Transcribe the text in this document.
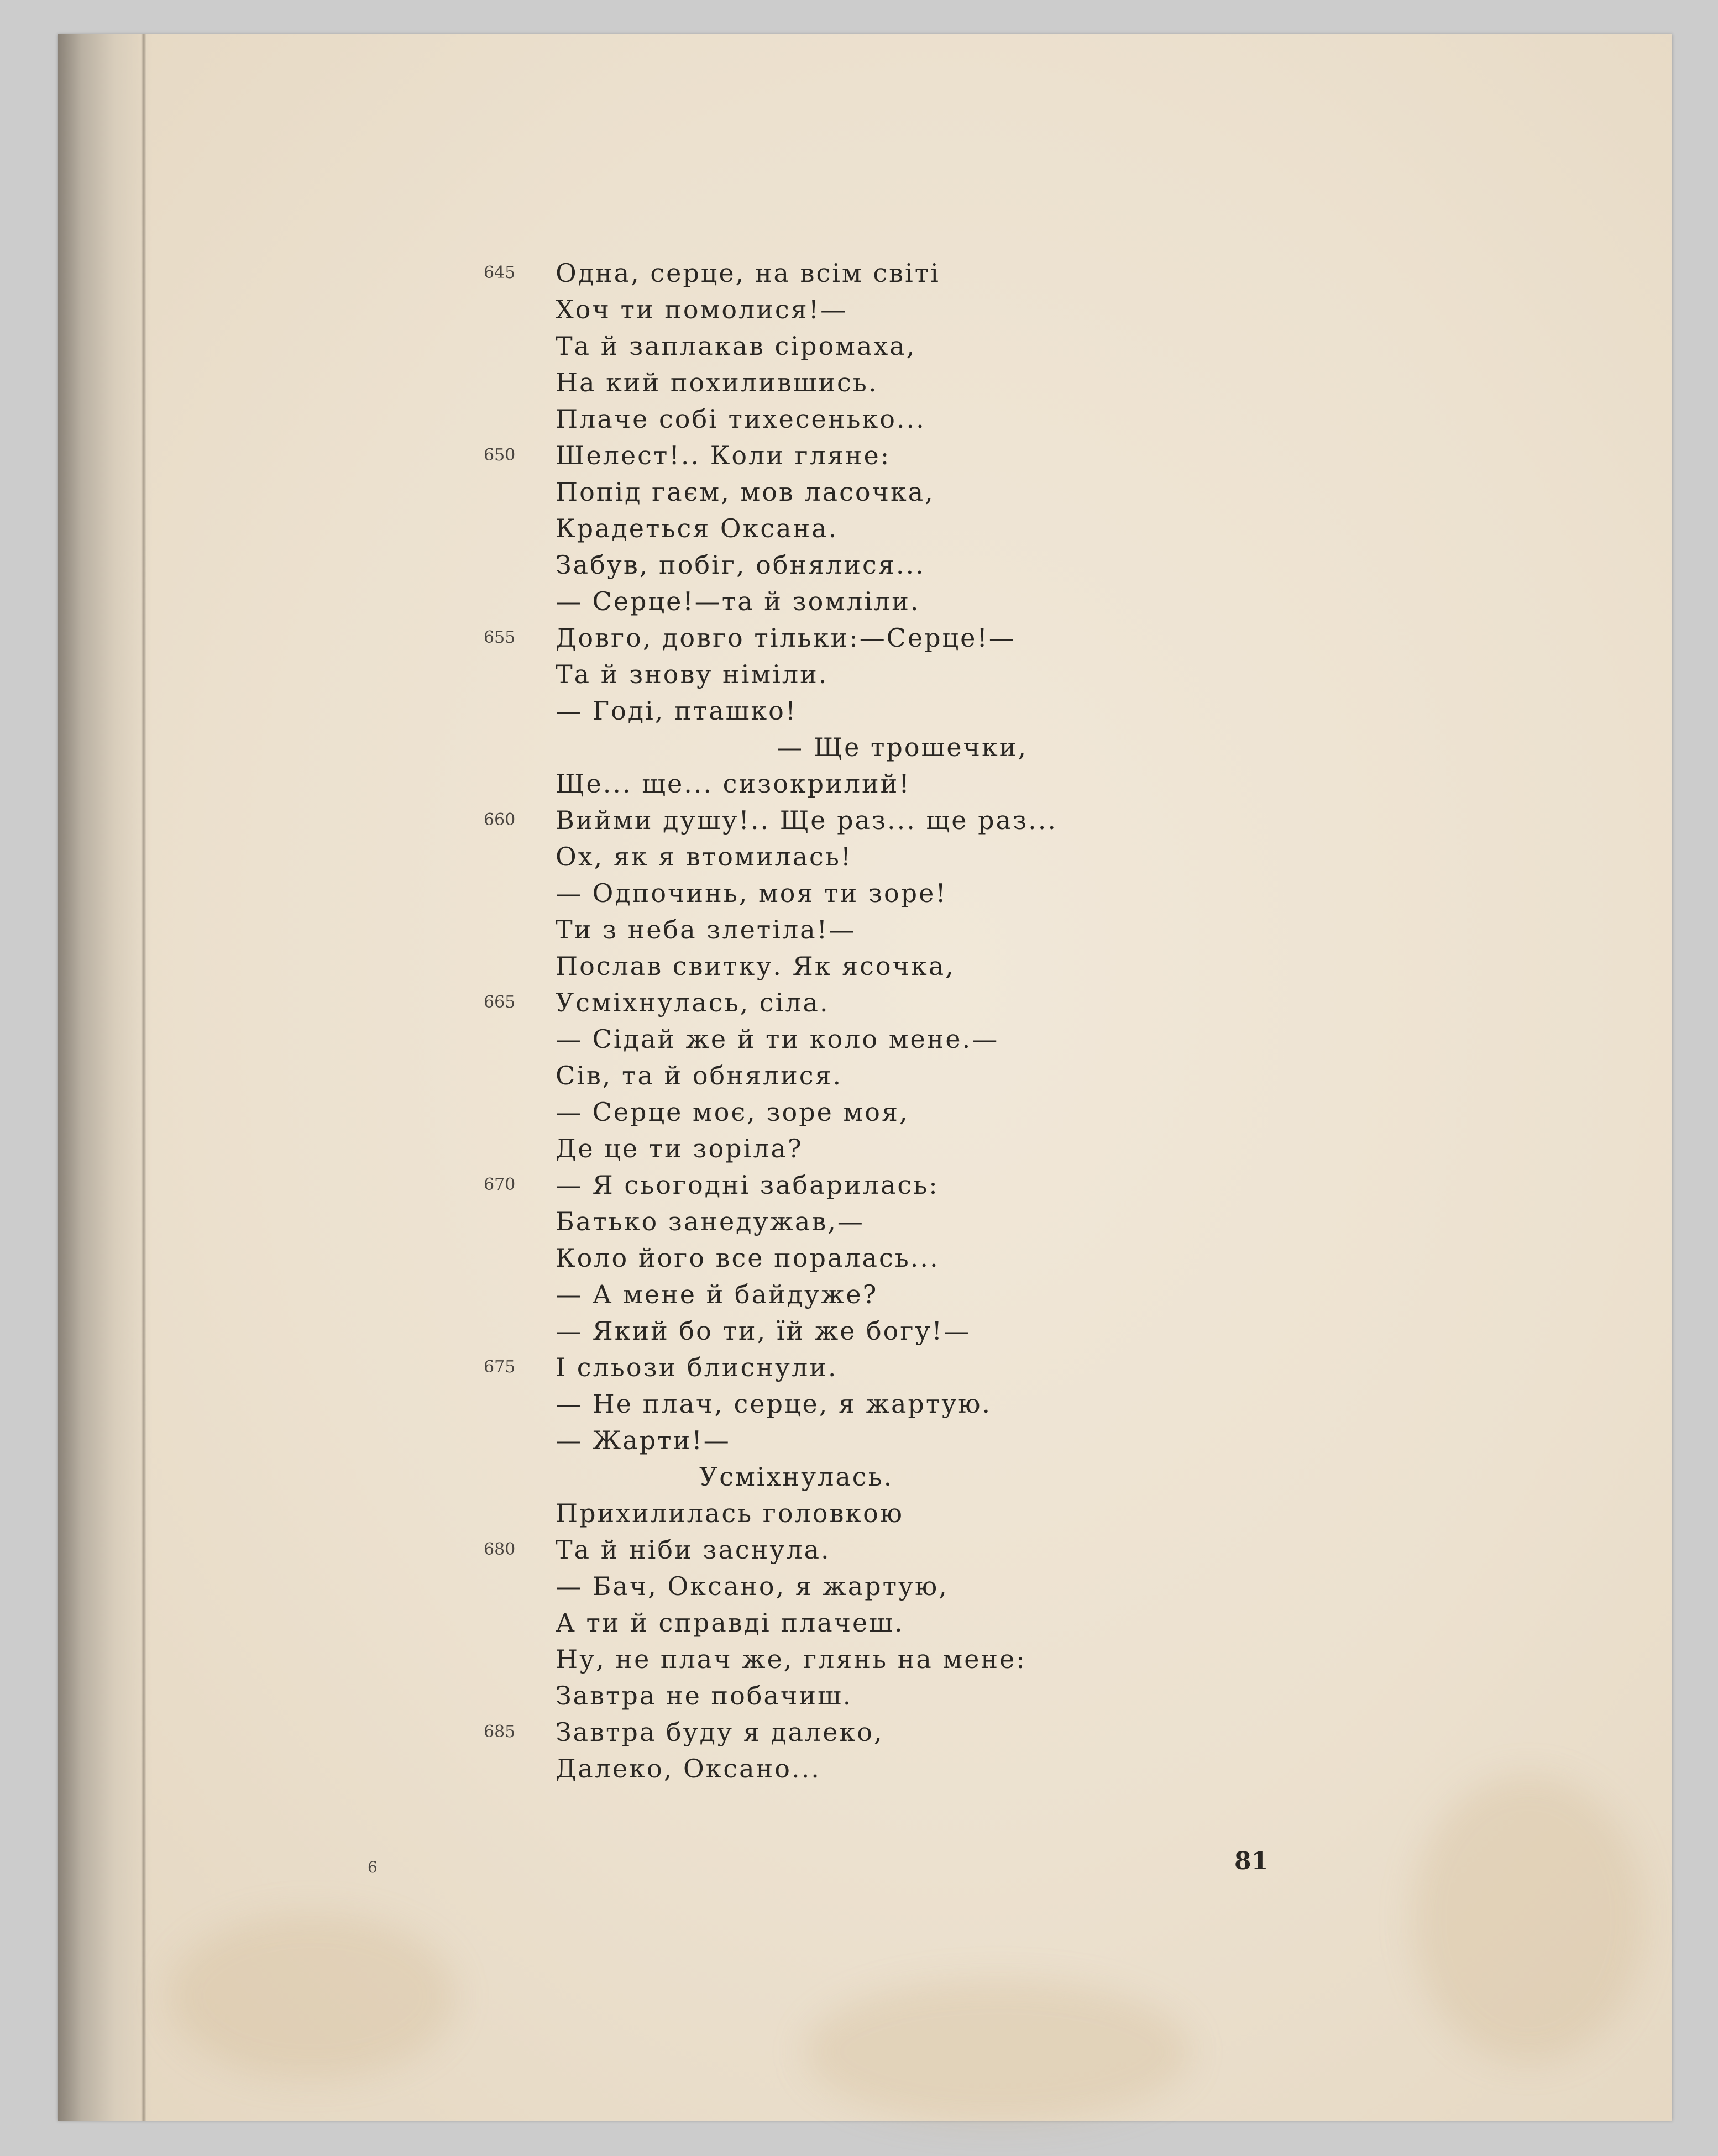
645	Одна, серце, на всім світі
Хоч ти помолися!—
Та й заплакав сіромаха,
На кий похилившись.
Плаче собі тихесенько...
650	Шелест!.. Коли гляне:
Попід гаєм, мов ласочка,
Крадеться Оксана.
Забув, побіг, обнялися...
— Серце!—та й зомліли.
655	Довго, довго тільки:—Серце!—
Та й знову німіли.
— Годі, пташко!
— Ще трошечки,
Ще... ще... сизокрилий!
660	Вийми душу!.. Ще раз... ще раз...
Ох, як я втомилась!
— Одпочинь, моя ти зоре!
Ти з неба злетіла!—
Послав свитку. Як ясочка,
665	Усміхнулась, сіла.
— Сідай же й ти коло мене.—
Сів, та й обнялися.
— Серце моє, зоре моя,
Де це ти зоріла?
670	— Я сьогодні забарилась:
Батько занедужав,—
Коло його все поралась...
— А мене й байдуже?
— Який бо ти, їй же богу!—
675	І сльози блиснули.
— Не плач, серце, я жартую.
— Жарти!—
Усміхнулась.
Прихилилась головкою
680	Та й ніби заснула.
— Бач, Оксано, я жартую,
А ти й справді плачеш.
Ну, не плач же, глянь на мене:
Завтра не побачиш.
685	Завтра буду я далеко,
Далеко, Оксано...
6	81
